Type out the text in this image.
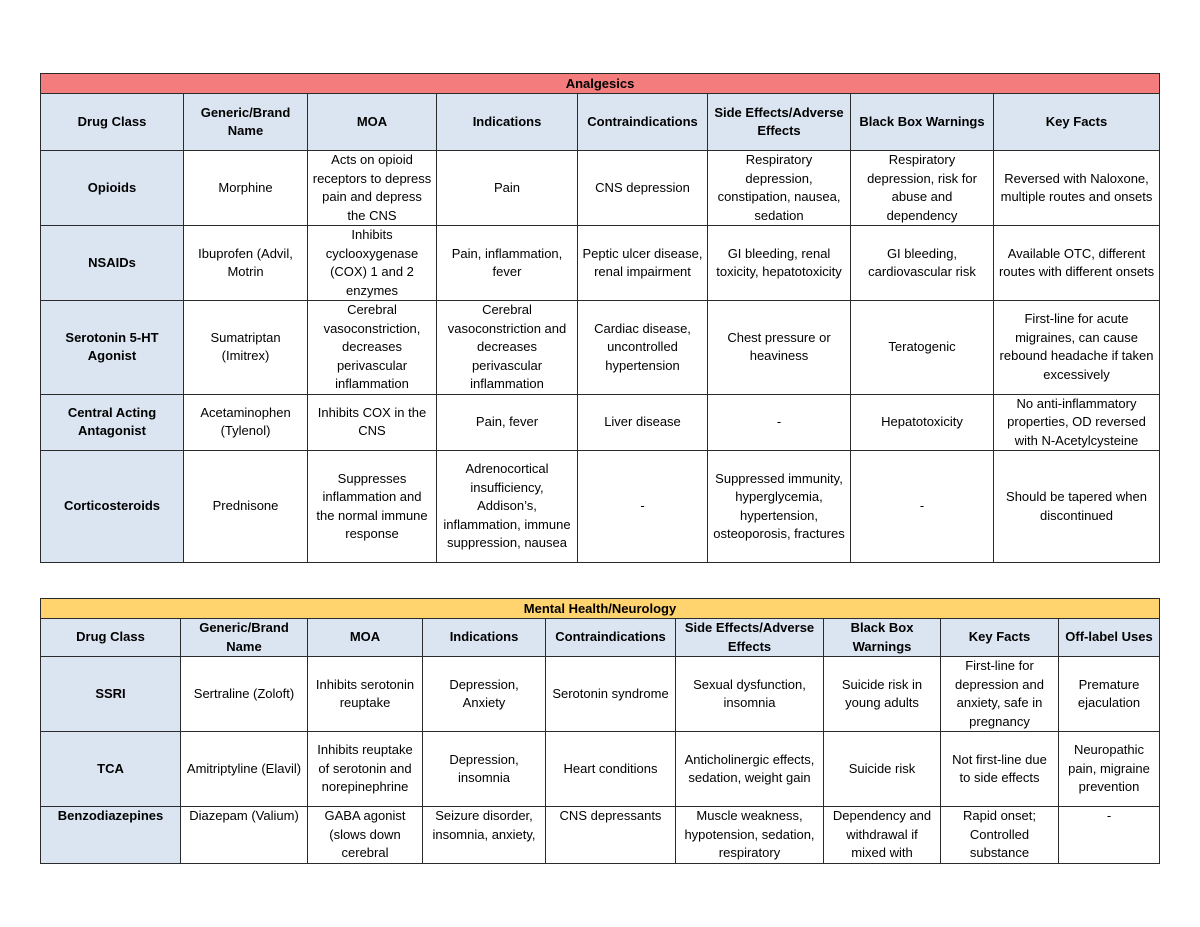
Analgesics							
Drug Class	Generic/Brand Name	MOA	Indications	Contraindications	Side Effects/Adverse Effects	Black Box Warnings	Key Facts
Opioids	Morphine	Acts on opioid receptors to depress pain and depress the CNS	Pain	CNS depression	Respiratory depression, constipation, nausea, sedation	Respiratory depression, risk for abuse and dependency	Reversed with Naloxone, multiple routes and onsets
NSAIDs	Ibuprofen (Advil, Motrin	Inhibits cyclooxygenase (COX) 1 and 2 enzymes	Pain, inflammation, fever	Peptic ulcer disease, renal impairment	GI bleeding, renal toxicity, hepatotoxicity	GI bleeding, cardiovascular risk	Available OTC, different routes with different onsets
Serotonin 5-HT Agonist	Sumatriptan (Imitrex)	Cerebral vasoconstriction, decreases perivascular inflammation	Cerebral vasoconstriction and decreases perivascular inflammation	Cardiac disease, uncontrolled hypertension	Chest pressure or heaviness	Teratogenic	First-line for acute migraines, can cause rebound headache if taken excessively
Central Acting Antagonist	Acetaminophen (Tylenol)	Inhibits COX in the CNS	Pain, fever	Liver disease	-	Hepatotoxicity	No anti-inflammatory properties, OD reversed with N-Acetylcysteine
Corticosteroids	Prednisone	Suppresses inflammation and the normal immune response	Adrenocortical insufficiency, Addison’s, inflammation, immune suppression, nausea	-	Suppressed immunity, hyperglycemia, hypertension, osteoporosis, fractures	-	Should be tapered when discontinued
Mental Health/Neurology								
Drug Class	Generic/Brand Name	MOA	Indications	Contraindications	Side Effects/Adverse Effects	Black Box Warnings	Key Facts	Off-label Uses
SSRI	Sertraline (Zoloft)	Inhibits serotonin reuptake	Depression, Anxiety	Serotonin syndrome	Sexual dysfunction, insomnia	Suicide risk in young adults	First-line for depression and anxiety, safe in pregnancy	Premature ejaculation
TCA	Amitriptyline (Elavil)	Inhibits reuptake of serotonin and norepinephrine	Depression, insomnia	Heart conditions	Anticholinergic effects, sedation, weight gain	Suicide risk	Not first-line due to side effects	Neuropathic pain, migraine prevention
Benzodiazepines	Diazepam (Valium)	GABA agonist (slows down cerebral	Seizure disorder, insomnia, anxiety,	CNS depressants	Muscle weakness, hypotension, sedation, respiratory	Dependency and withdrawal if mixed with	Rapid onset; Controlled substance	-
